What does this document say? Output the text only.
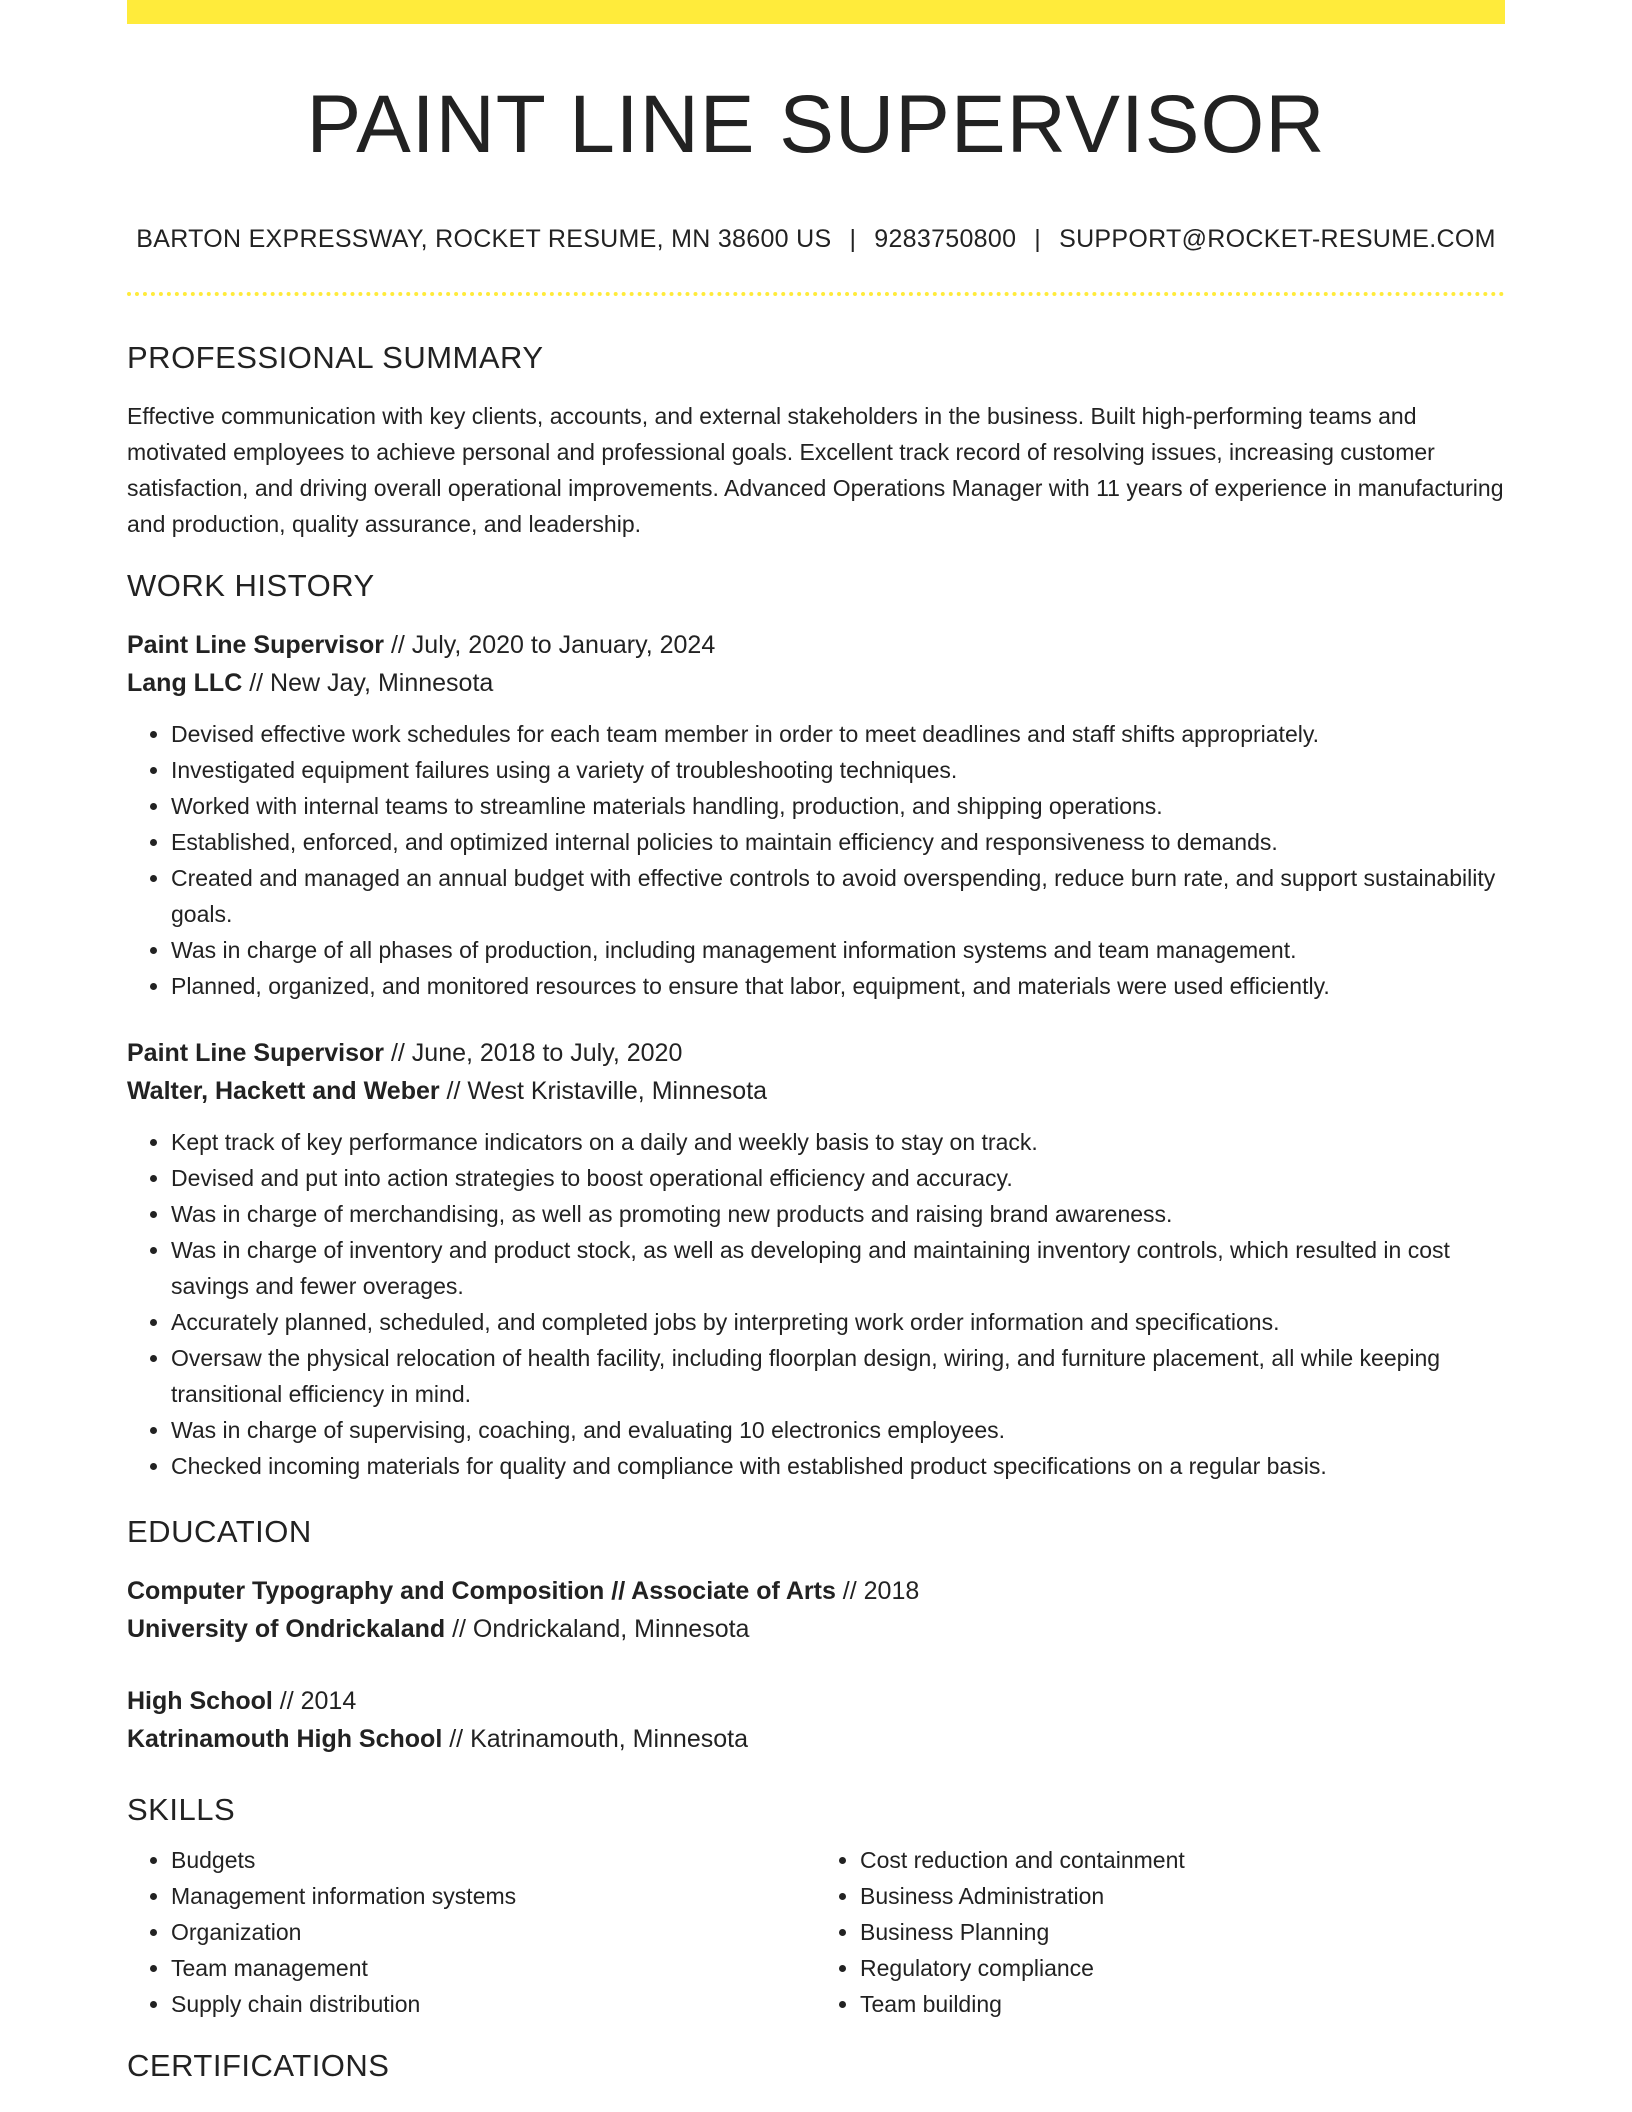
PAINT LINE SUPERVISOR
BARTON EXPRESSWAY, ROCKET RESUME, MN 38600 US | 9283750800 | SUPPORT@ROCKET-RESUME.COM
PROFESSIONAL SUMMARY

Effective communication with key clients, accounts, and external stakeholders in the business. Built high-performing teams and motivated employees to achieve personal and professional goals. Excellent track record of resolving issues, increasing customer satisfaction, and driving overall operational improvements. Advanced Operations Manager with 11 years of experience in manufacturing and production, quality assurance, and leadership.

WORK HISTORY
Paint Line Supervisor // July, 2020 to January, 2024
Lang LLC // New Jay, Minnesota
• Devised effective work schedules for each team member in order to meet deadlines and staff shifts appropriately.
• Investigated equipment failures using a variety of troubleshooting techniques.
• Worked with internal teams to streamline materials handling, production, and shipping operations.
• Established, enforced, and optimized internal policies to maintain efficiency and responsiveness to demands.
• Created and managed an annual budget with effective controls to avoid overspending, reduce burn rate, and support sustainability goals.
• Was in charge of all phases of production, including management information systems and team management.
• Planned, organized, and monitored resources to ensure that labor, equipment, and materials were used efficiently.
Paint Line Supervisor // June, 2018 to July, 2020
Walter, Hackett and Weber // West Kristaville, Minnesota
• Kept track of key performance indicators on a daily and weekly basis to stay on track.
• Devised and put into action strategies to boost operational efficiency and accuracy.
• Was in charge of merchandising, as well as promoting new products and raising brand awareness.
• Was in charge of inventory and product stock, as well as developing and maintaining inventory controls, which resulted in cost savings and fewer overages.
• Accurately planned, scheduled, and completed jobs by interpreting work order information and specifications.
• Oversaw the physical relocation of health facility, including floorplan design, wiring, and furniture placement, all while keeping transitional efficiency in mind.
• Was in charge of supervising, coaching, and evaluating 10 electronics employees.
• Checked incoming materials for quality and compliance with established product specifications on a regular basis.
EDUCATION
Computer Typography and Composition // Associate of Arts // 2018
University of Ondrickaland // Ondrickaland, Minnesota
High School // 2014
Katrinamouth High School // Katrinamouth, Minnesota
SKILLS
• Budgets
• Management information systems
• Organization
• Team management
• Supply chain distribution
• Cost reduction and containment
• Business Administration
• Business Planning
• Regulatory compliance
• Team building
CERTIFICATIONS
